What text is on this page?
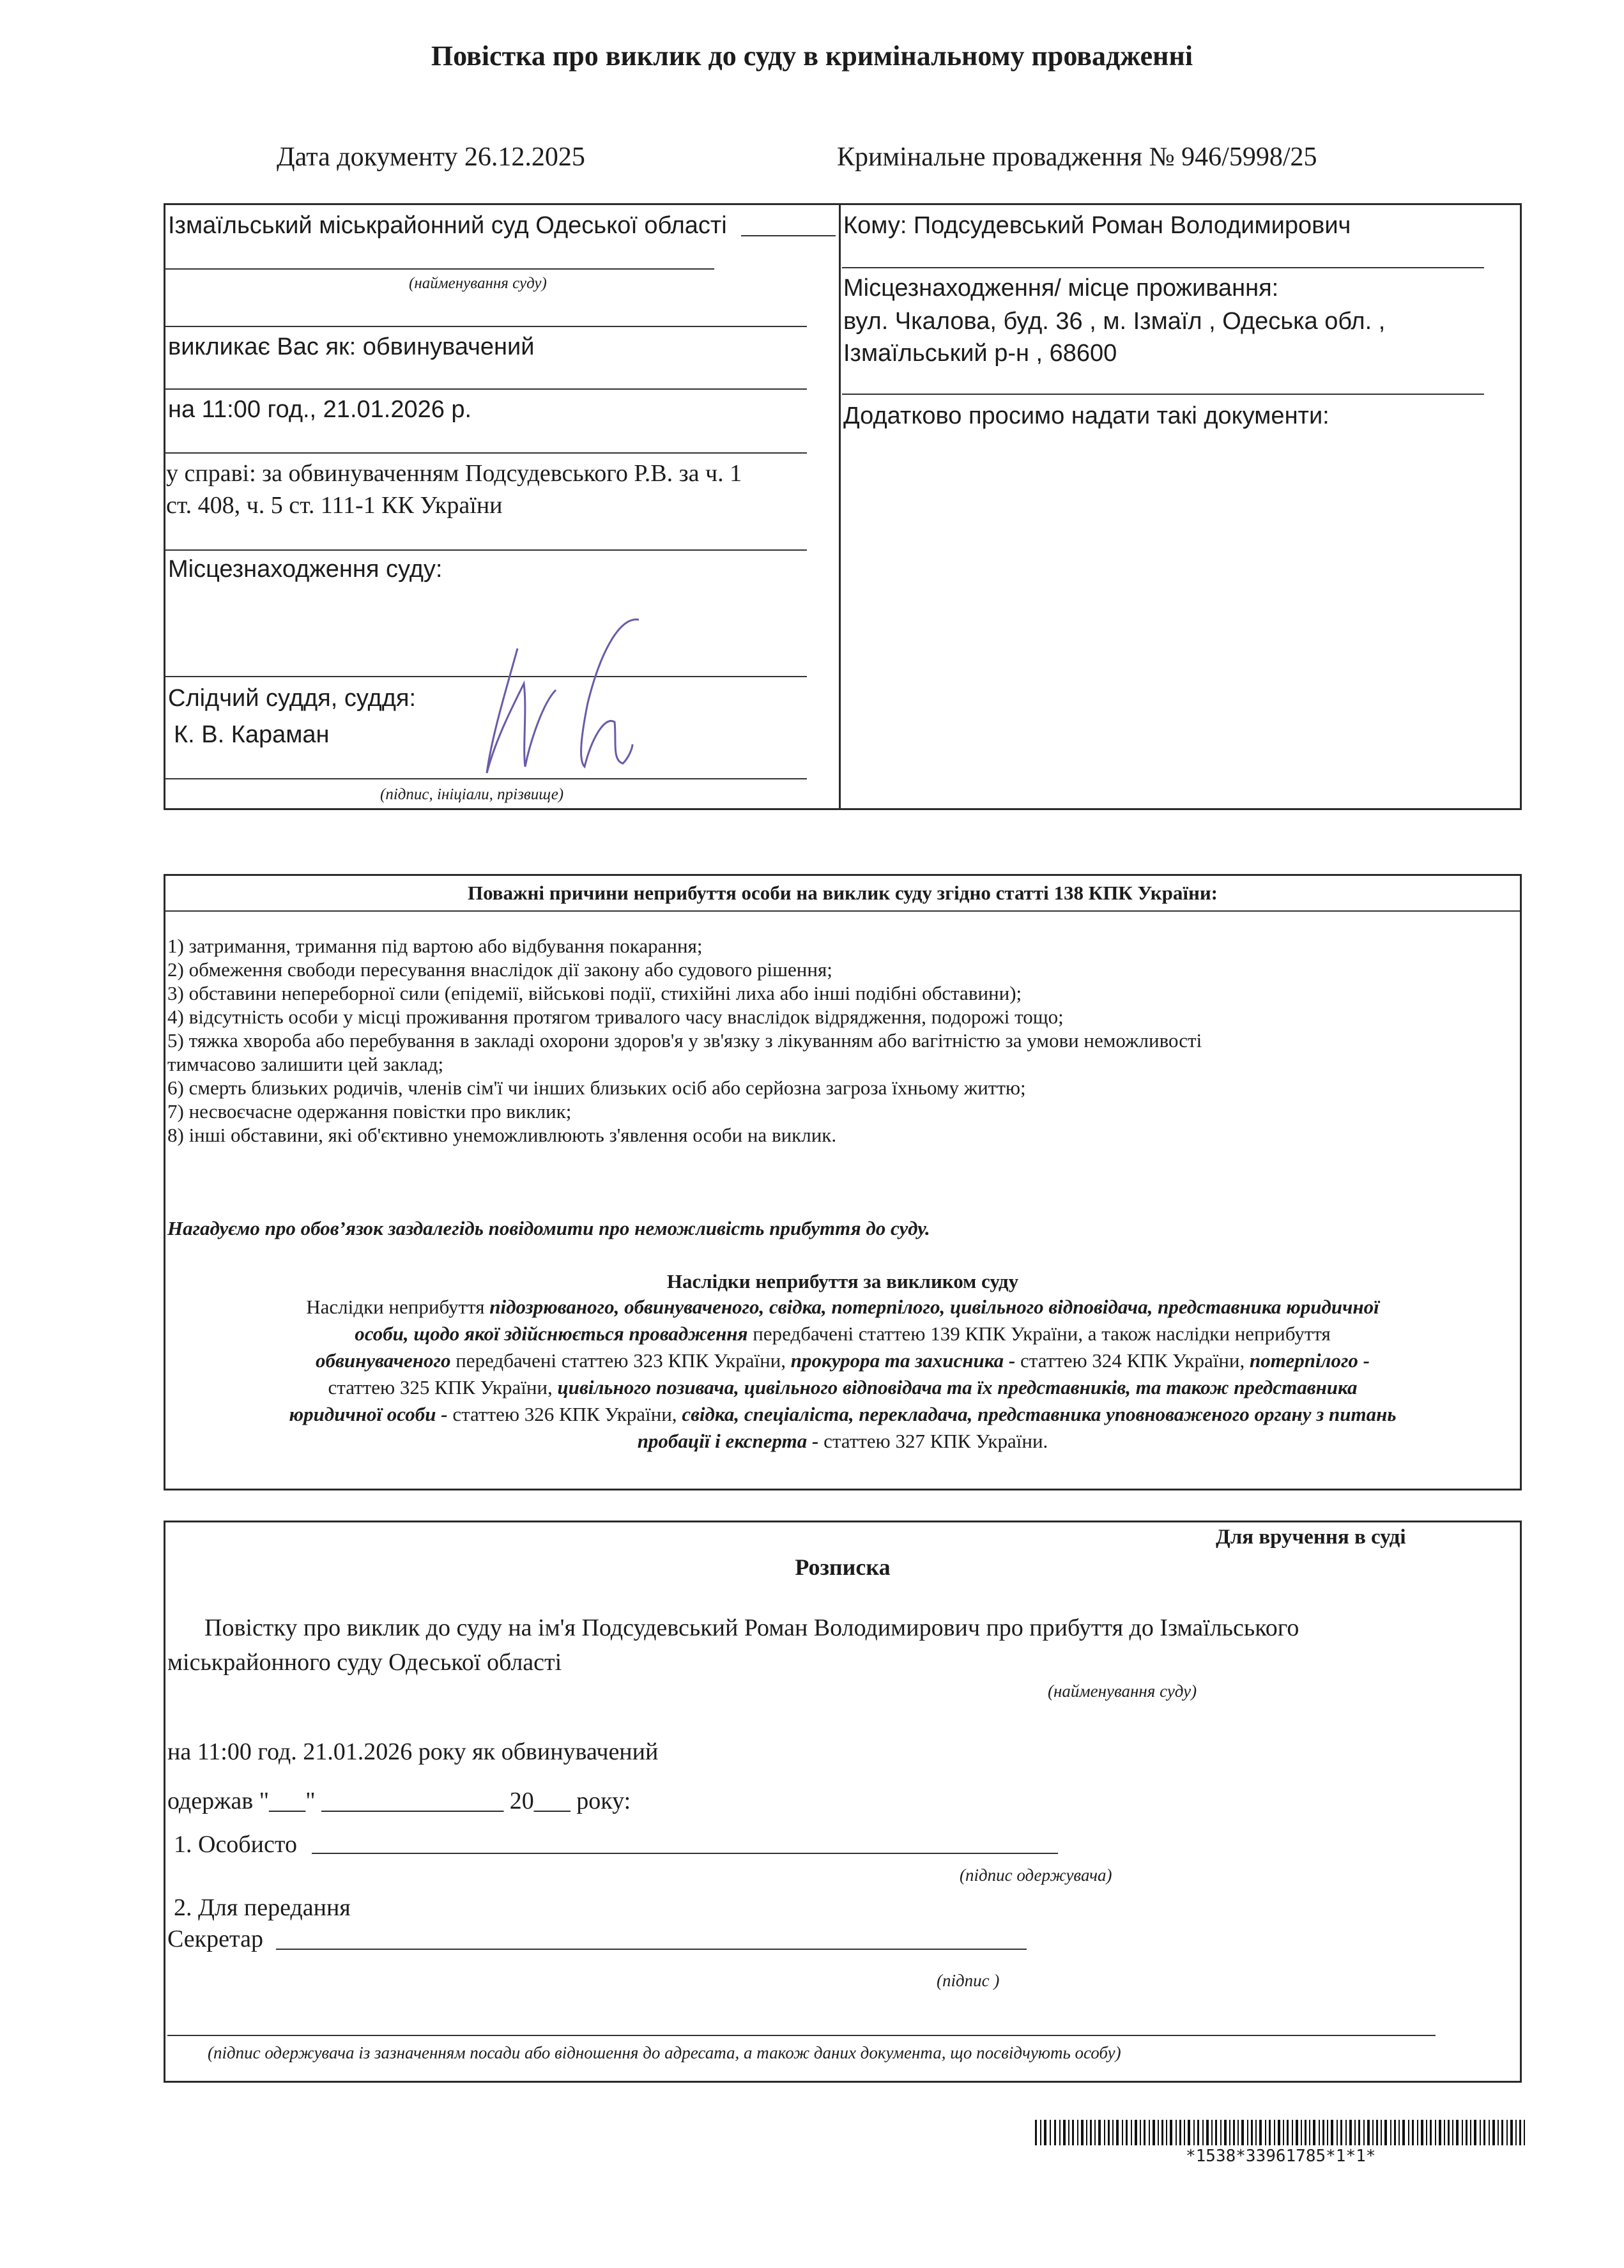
Повістка про виклик до суду в кримінальному провадженні
Дата документу 26.12.2025	Кримінальне провадження № 946/5998/25
Ізмаїльський міськрайонний суд Одеської області
(найменування суду)
викликає Вас як: обвинувачений
на 11:00 год., 21.01.2026 р.
у справі: за обвинуваченням Подсудевського Р.В. за ч. 1
ст. 408, ч. 5 ст. 111-1 КК України
Місцезнаходження суду:
Слідчий суддя, суддя:
К. В. Караман
(підпис, ініціали, прізвище)
Кому: Подсудевський Роман Володимирович
Місцезнаходження/ місце проживання:
вул. Чкалова, буд. 36 , м. Ізмаїл , Одеська обл. ,
Ізмаїльський р-н , 68600
Додатково просимо надати такі документи:
Поважні причини неприбуття особи на виклик суду згідно статті 138 КПК України:
1) затримання, тримання під вартою або відбування покарання;
2) обмеження свободи пересування внаслідок дії закону або судового рішення;
3) обставини непереборної сили (епідемії, військові події, стихійні лиха або інші подібні обставини);
4) відсутність особи у місці проживання протягом тривалого часу внаслідок відрядження, подорожі тощо;
5) тяжка хвороба або перебування в закладі охорони здоров'я у зв'язку з лікуванням або вагітністю за умови неможливості
тимчасово залишити цей заклад;
6) смерть близьких родичів, членів сім'ї чи інших близьких осіб або серйозна загроза їхньому життю;
7) несвоєчасне одержання повістки про виклик;
8) інші обставини, які об'єктивно унеможливлюють з'явлення особи на виклик.
Нагадуємо про обов’язок заздалегідь повідомити про неможливість прибуття до суду.
Наслідки неприбуття за викликом суду
Наслідки неприбуття підозрюваного, обвинуваченого, свідка, потерпілого, цивільного відповідача, представника юридичної
особи, щодо якої здійснюється провадження передбачені статтею 139 КПК України, а також наслідки неприбуття
обвинуваченого передбачені статтею 323 КПК України, прокурора та захисника - статтею 324 КПК України, потерпілого -
статтею 325 КПК України, цивільного позивача, цивільного відповідача та їх представників, та також представника
юридичної особи - статтею 326 КПК України, свідка, спеціаліста, перекладача, представника уповноваженого органу з питань
пробації і експерта - статтею 327 КПК України.
Для вручення в суді
Розписка
Повістку про виклик до суду на ім'я Подсудевський Роман Володимирович про прибуття до Ізмаїльського
міськрайонного суду Одеської області
(найменування суду)
на 11:00 год. 21.01.2026 року як обвинувачений
одержав "___" _______________ 20___ року:
1. Особисто
(підпис одержувача)
2. Для передання
Секретар
(підпис )
(підпис одержувача із зазначенням посади або відношення до адресата, а також даних документа, що посвідчують особу)
*1538*33961785*1*1*
